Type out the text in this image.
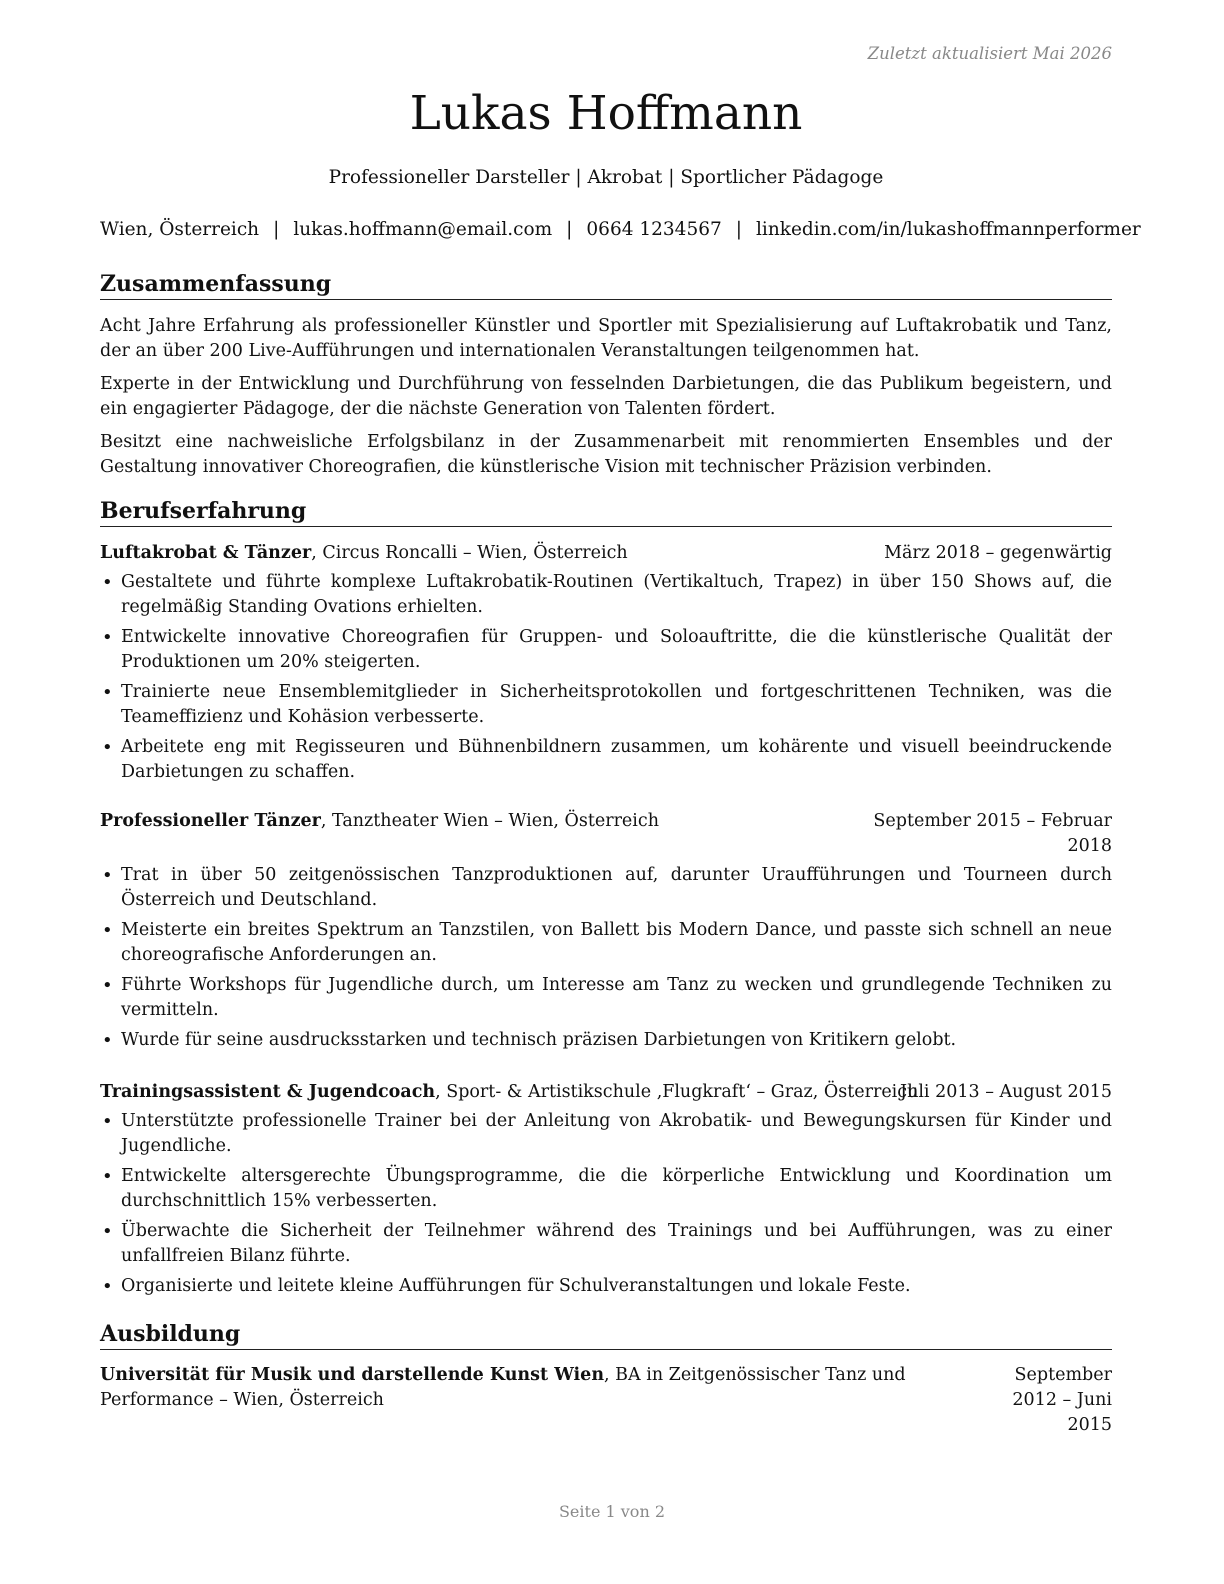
Zuletzt aktualisiert Mai 2026
Lukas Hoffmann
Professioneller Darsteller | Akrobat | Sportlicher Pädagoge
Wien, Österreich | lukas.hoffmann@email.com | 0664 1234567 | linkedin.com/in/lukashoffmannperformer
Zusammenfassung
Acht Jahre Erfahrung als professioneller Künstler und Sportler mit Spezialisierung auf Luftakrobatik und Tanz, der an über 200 Live-Aufführungen und internationalen Veranstaltungen teilgenommen hat.
Experte in der Entwicklung und Durchführung von fesselnden Darbietungen, die das Publikum begeistern, und ein engagierter Pädagoge, der die nächste Generation von Talenten fördert.
Besitzt eine nachweisliche Erfolgsbilanz in der Zusammenarbeit mit renommierten Ensembles und der Gestaltung innovativer Choreografien, die künstlerische Vision mit technischer Präzision verbinden.
Berufserfahrung
Luftakrobat & Tänzer, Circus Roncalli – Wien, Österreich	März 2018 – gegenwärtig
• Gestaltete und führte komplexe Luftakrobatik-Routinen (Vertikaltuch, Trapez) in über 150 Shows auf, die regelmäßig Standing Ovations erhielten.
• Entwickelte innovative Choreografien für Gruppen- und Soloauftritte, die die künstlerische Qualität der Produktionen um 20% steigerten.
• Trainierte neue Ensemblemitglieder in Sicherheitsprotokollen und fortgeschrittenen Techniken, was die Teameffizienz und Kohäsion verbesserte.
• Arbeitete eng mit Regisseuren und Bühnenbildnern zusammen, um kohärente und visuell beeindruckende Darbietungen zu schaffen.
Professioneller Tänzer, Tanztheater Wien – Wien, Österreich	September 2015 – Februar 2018
• Trat in über 50 zeitgenössischen Tanzproduktionen auf, darunter Uraufführungen und Tourneen durch Österreich und Deutschland.
• Meisterte ein breites Spektrum an Tanzstilen, von Ballett bis Modern Dance, und passte sich schnell an neue choreografische Anforderungen an.
• Führte Workshops für Jugendliche durch, um Interesse am Tanz zu wecken und grundlegende Techniken zu vermitteln.
• Wurde für seine ausdrucksstarken und technisch präzisen Darbietungen von Kritikern gelobt.
Trainingsassistent & Jugendcoach, Sport- & Artistikschule ‚Flugkraft‘ – Graz, Österreich
Juli 2013 – August 2015
• Unterstützte professionelle Trainer bei der Anleitung von Akrobatik- und Bewegungskursen für Kinder und Jugendliche.
• Entwickelte altersgerechte Übungsprogramme, die die körperliche Entwicklung und Koordination um durchschnittlich 15% verbesserten.
• Überwachte die Sicherheit der Teilnehmer während des Trainings und bei Aufführungen, was zu einer unfallfreien Bilanz führte.
• Organisierte und leitete kleine Aufführungen für Schulveranstaltungen und lokale Feste.
Ausbildung
Universität für Musik und darstellende Kunst Wien, BA in Zeitgenössischer Tanz und Performance – Wien, Österreich
September 2012 – Juni 2015
Seite 1 von 2
